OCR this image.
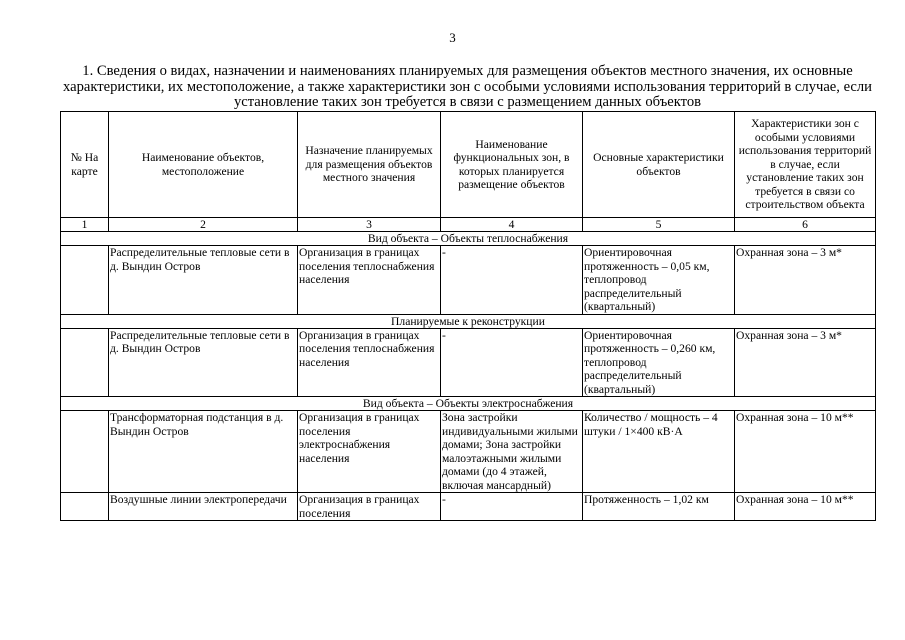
3
1. Сведения о видах, назначении и наименованиях планируемых для размещения объектов местного значения, их основные характеристики, их местоположение, а также характеристики зон с особыми условиями использования территорий в случае, если установление таких зон требуется в связи с размещением данных объектов
№ На карте	Наименование объектов, местоположение	Назначение планируемых для размещения объектов местного значения	Наименование функциональных зон, в которых планируется размещение объектов	Основные характеристики объектов	Характеристики зон с особыми условиями использования территорий в случае, если установление таких зон требуется в связи со строительством объекта
1	2	3	4	5	6
Вид объекта – Объекты теплоснабжения					
	Распределительные тепловые сети в д. Вындин Остров	Организация в границах поселения теплоснабжения населения	-	Ориентировочная протяженность – 0,05 км, теплопровод распределительный (квартальный)	Охранная зона – 3 м*
Планируемые к реконструкции					
	Распределительные тепловые сети в д. Вындин Остров	Организация в границах поселения теплоснабжения населения	-	Ориентировочная протяженность – 0,260 км, теплопровод распределительный (квартальный)	Охранная зона – 3 м*
Вид объекта – Объекты электроснабжения					
	Трансформаторная подстанция в д. Вындин Остров	Организация в границах поселения электроснабжения населения	Зона застройки индивидуальными жилыми домами; Зона застройки малоэтажными жилыми домами (до 4 этажей, включая мансардный)	Количество / мощность – 4 штуки / 1×400 кВ·А	Охранная зона – 10 м**
	Воздушные линии электропередачи	Организация в границах поселения	-	Протяженность – 1,02 км	Охранная зона – 10 м**
